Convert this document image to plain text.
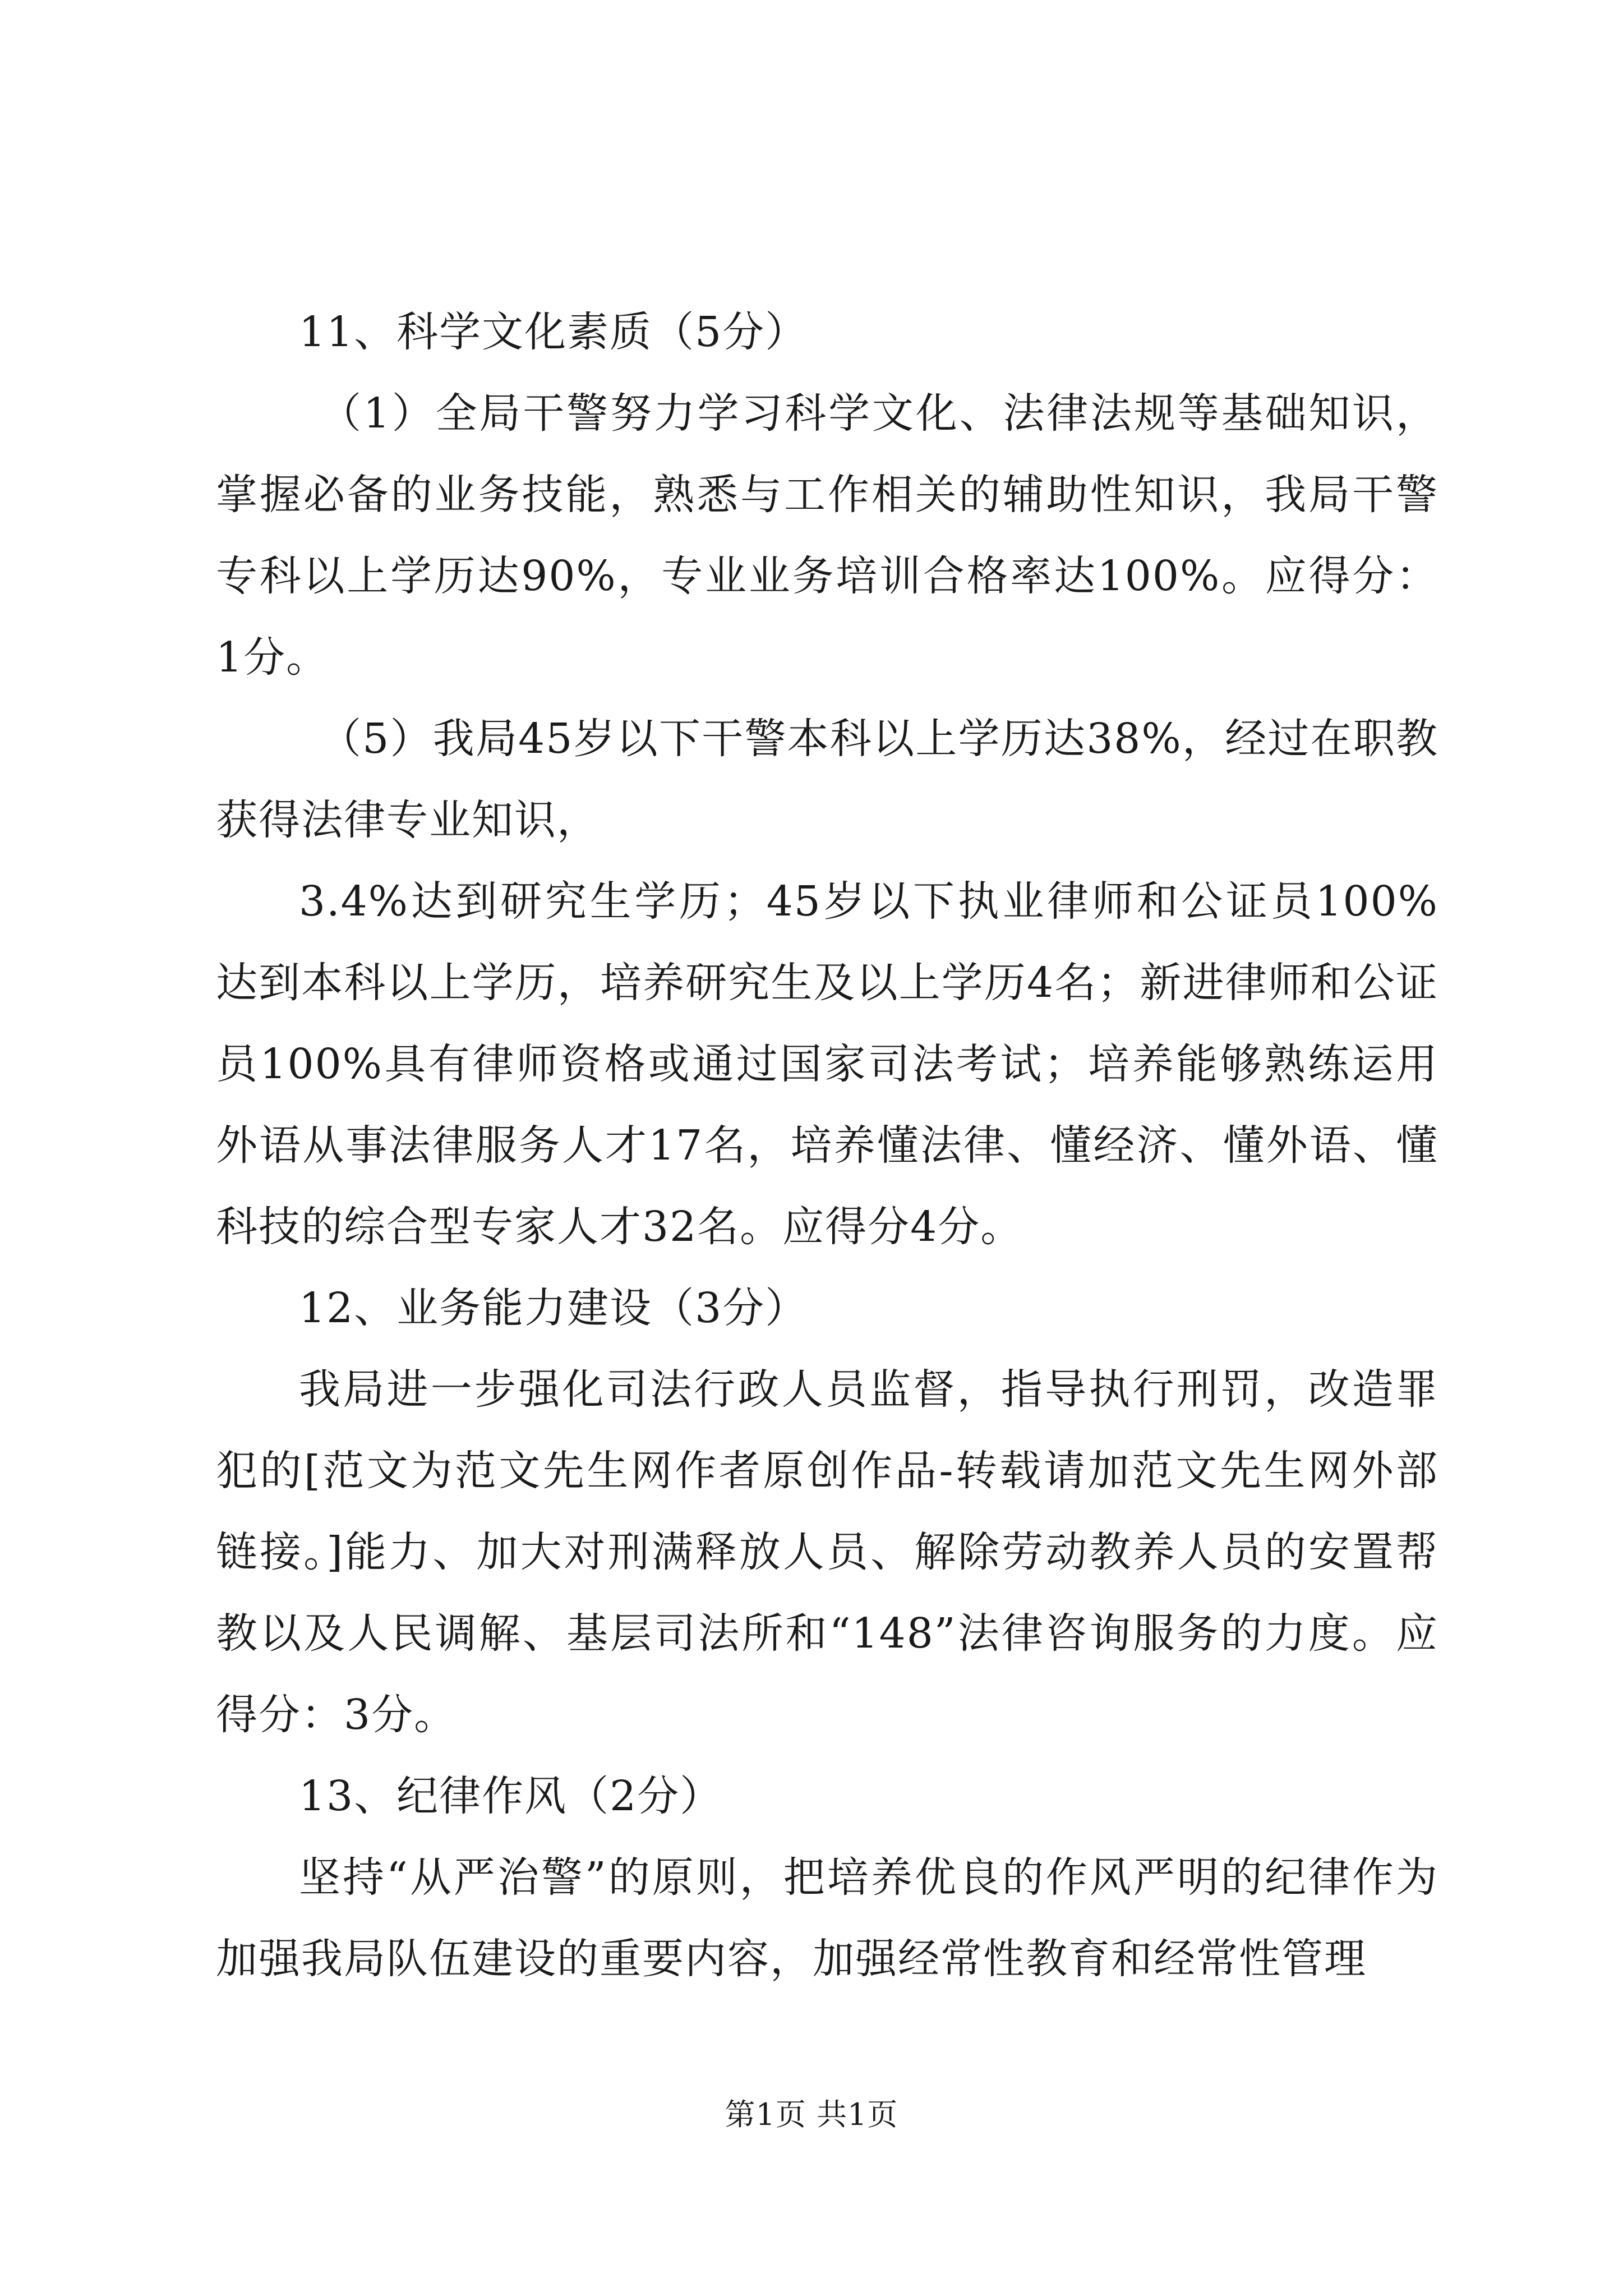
11、科学文化素质（5分）

（1）全局干警努力学习科学文化、法律法规等基础知识，掌握必备的业务技能，熟悉与工作相关的辅助性知识，我局干警专科以上学历达90%，专业业务培训合格率达100%。应得分：1分。

（5）我局45岁以下干警本科以上学历达38%，经过在职教获得法律专业知识，

3.4%达到研究生学历；45岁以下执业律师和公证员100%达到本科以上学历，培养研究生及以上学历4名；新进律师和公证员100%具有律师资格或通过国家司法考试；培养能够熟练运用外语从事法律服务人才17名，培养懂法律、懂经济、懂外语、懂科技的综合型专家人才32名。应得分4分。

12、业务能力建设（3分）

我局进一步强化司法行政人员监督，指导执行刑罚，改造罪犯的[范文为范文先生网作者原创作品-转载请加范文先生网外部链接。]能力、加大对刑满释放人员、解除劳动教养人员的安置帮教以及人民调解、基层司法所和“148”法律咨询服务的力度。应得分：3分。

13、纪律作风（2分）

坚持“从严治警”的原则，把培养优良的作风严明的纪律作为加强我局队伍建设的重要内容，加强经常性教育和经常性管理

第1页 共1页
